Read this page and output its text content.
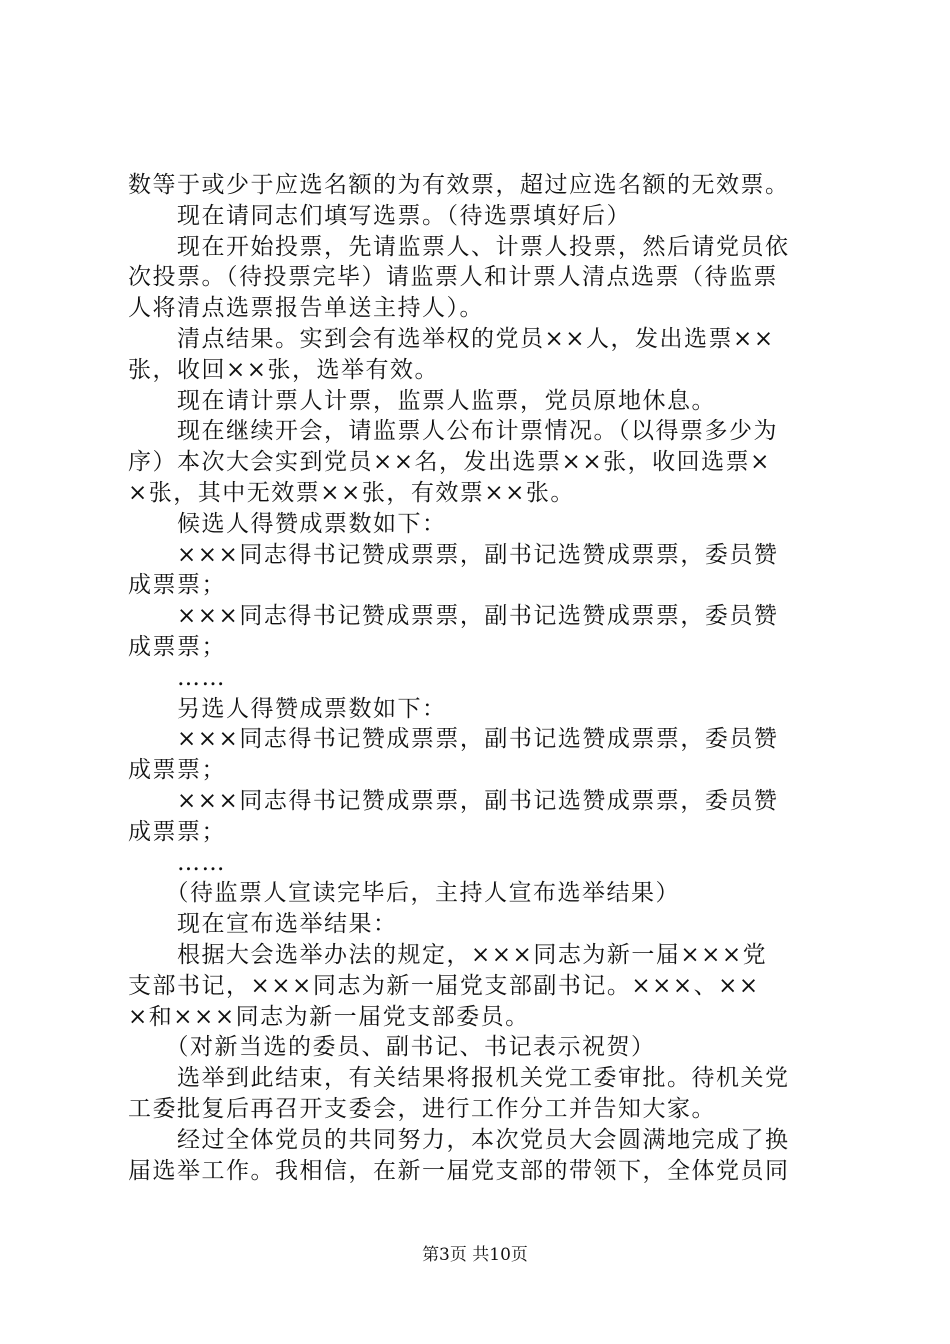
数等于或少于应选名额的为有效票，超过应选名额的无效票。
　　现在请同志们填写选票。（待选票填好后）
　　现在开始投票，先请监票人、计票人投票，然后请党员依
次投票。（待投票完毕）请监票人和计票人清点选票（待监票
人将清点选票报告单送主持人）。
　　清点结果。实到会有选举权的党员××人，发出选票××
张，收回××张，选举有效。
　　现在请计票人计票，监票人监票，党员原地休息。
　　现在继续开会，请监票人公布计票情况。（以得票多少为
序）本次大会实到党员××名，发出选票××张，收回选票×
×张，其中无效票××张，有效票××张。
　　候选人得赞成票数如下：
　　×××同志得书记赞成票票，副书记选赞成票票，委员赞
成票票；
　　×××同志得书记赞成票票，副书记选赞成票票，委员赞
成票票；
　　……
　　另选人得赞成票数如下：
　　×××同志得书记赞成票票，副书记选赞成票票，委员赞
成票票；
　　×××同志得书记赞成票票，副书记选赞成票票，委员赞
成票票；
　　……
　　（待监票人宣读完毕后，主持人宣布选举结果）
　　现在宣布选举结果：
　　根据大会选举办法的规定，×××同志为新一届×××党
支部书记，×××同志为新一届党支部副书记。×××、××
×和×××同志为新一届党支部委员。
　　（对新当选的委员、副书记、书记表示祝贺）
　　选举到此结束，有关结果将报机关党工委审批。待机关党
工委批复后再召开支委会，进行工作分工并告知大家。
　　经过全体党员的共同努力，本次党员大会圆满地完成了换
届选举工作。我相信，在新一届党支部的带领下，全体党员同
第3页 共10页
